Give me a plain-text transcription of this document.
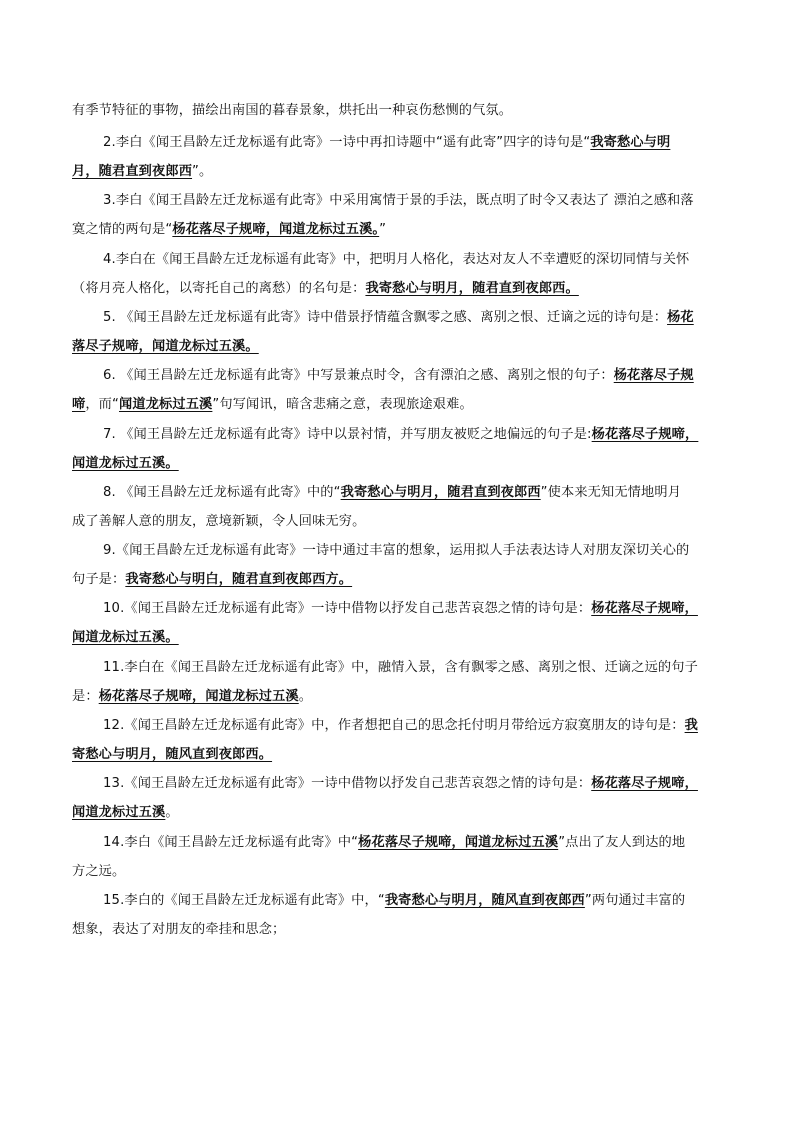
有季节特征的事物，描绘出南国的暮春景象，烘托出一种哀伤愁恻的气氛。
2.李白《闻王昌龄左迁龙标遥有此寄》一诗中再扣诗题中“遥有此寄”四字的诗句是“我寄愁心与明
月，随君直到夜郎西”。
3.李白《闻王昌龄左迁龙标遥有此寄》中采用寓情于景的手法，既点明了时令又表达了 漂泊之感和落
寞之情的两句是“杨花落尽子规啼，闻道龙标过五溪。”
4.李白在《闻王昌龄左迁龙标遥有此寄》中，把明月人格化，表达对友人不幸遭贬的深切同情与关怀
（将月亮人格化，以寄托自己的离愁）的名句是：我寄愁心与明月，随君直到夜郎西。
5. 《闻王昌龄左迁龙标遥有此寄》诗中借景抒情蕴含飘零之感、离别之恨、迁谪之远的诗句是：杨花
落尽子规啼，闻道龙标过五溪。
6. 《闻王昌龄左迁龙标遥有此寄》中写景兼点时令，含有漂泊之感、离别之恨的句子：杨花落尽子规
啼，而“闻道龙标过五溪”句写闻讯，暗含悲痛之意，表现旅途艰难。
7. 《闻王昌龄左迁龙标遥有此寄》诗中以景衬情，并写朋友被贬之地偏远的句子是:杨花落尽子规啼，
闻道龙标过五溪。
8. 《闻王昌龄左迁龙标遥有此寄》中的“我寄愁心与明月，随君直到夜郎西”使本来无知无情地明月
成了善解人意的朋友，意境新颖，令人回味无穷。
9.《闻王昌龄左迁龙标遥有此寄》一诗中通过丰富的想象，运用拟人手法表达诗人对朋友深切关心的
句子是：我寄愁心与明白，随君直到夜郎西方。
10.《闻王昌龄左迁龙标遥有此寄》一诗中借物以抒发自己悲苦哀怨之情的诗句是：杨花落尽子规啼，
闻道龙标过五溪。
11.李白在《闻王昌龄左迁龙标遥有此寄》中，融情入景，含有飘零之感、离别之恨、迁谪之远的句子
是：杨花落尽子规啼，闻道龙标过五溪。
12.《闻王昌龄左迁龙标遥有此寄》中，作者想把自己的思念托付明月带给远方寂寞朋友的诗句是：我
寄愁心与明月，随风直到夜郎西。
13.《闻王昌龄左迁龙标遥有此寄》一诗中借物以抒发自己悲苦哀怨之情的诗句是：杨花落尽子规啼，
闻道龙标过五溪。
14.李白《闻王昌龄左迁龙标遥有此寄》中“杨花落尽子规啼，闻道龙标过五溪”点出了友人到达的地
方之远。
15.李白的《闻王昌龄左迁龙标遥有此寄》中，“我寄愁心与明月，随风直到夜郎西”两句通过丰富的
想象，表达了对朋友的牵挂和思念；
